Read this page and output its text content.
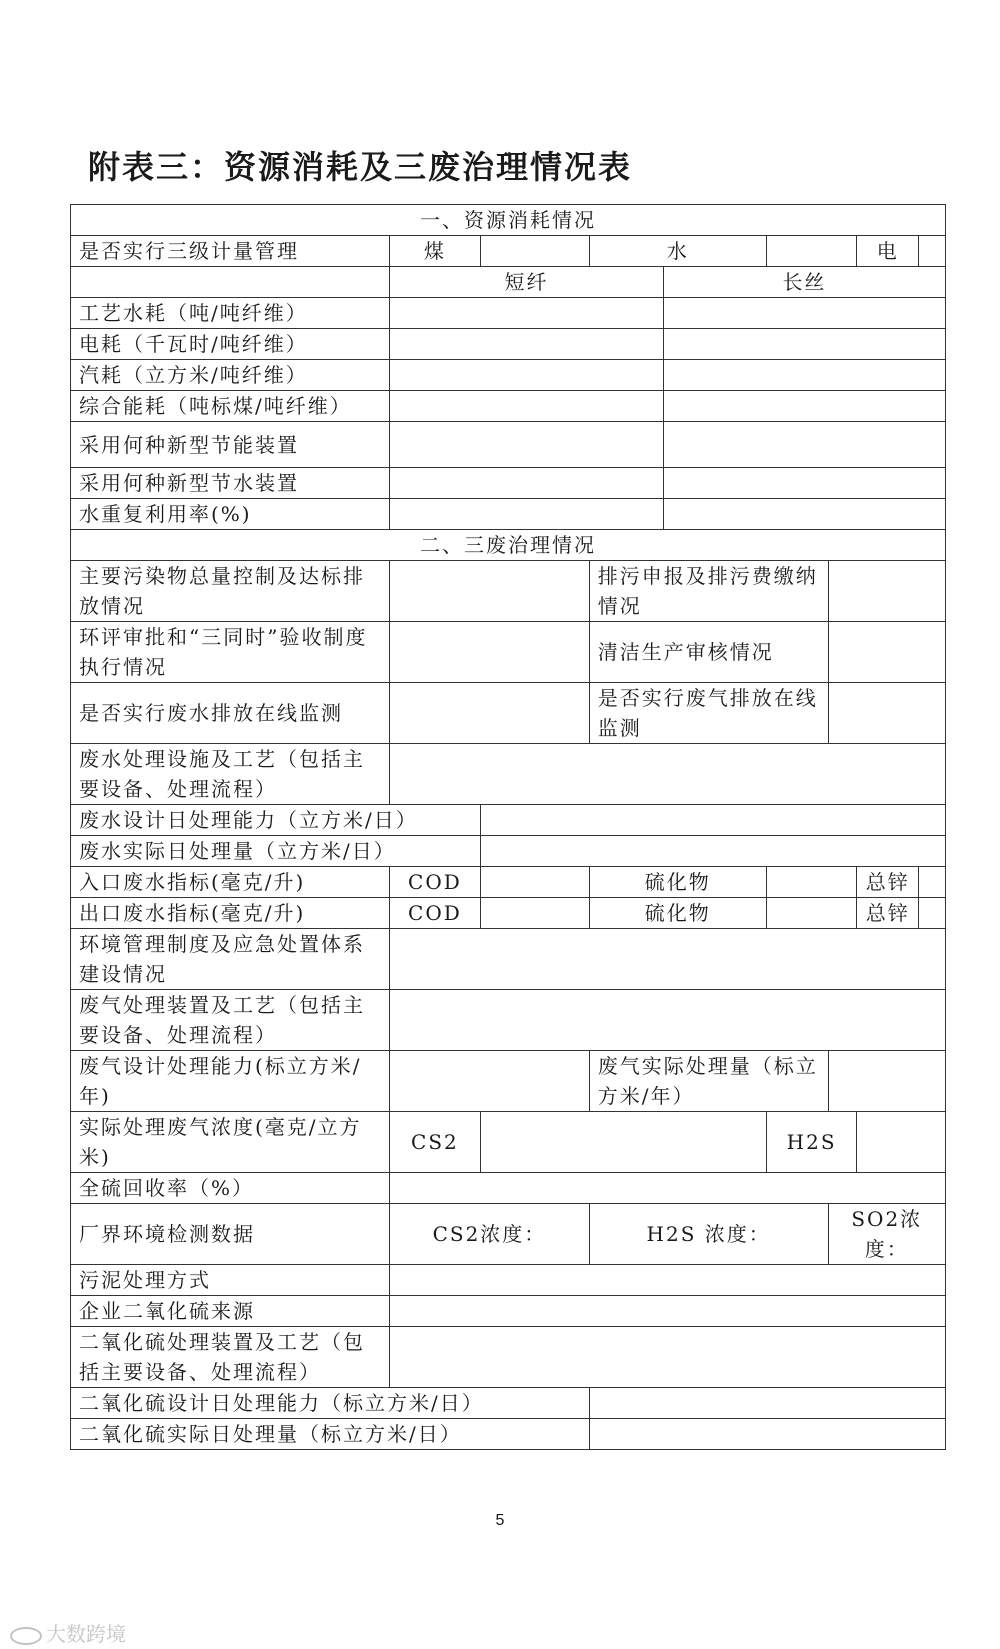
附表三：资源消耗及三废治理情况表
一、资源消耗情况								
是否实行三级计量管理	煤		水				电	
	短纤			长丝				
工艺水耗（吨/吨纤维）								
电耗（千瓦时/吨纤维）								
汽耗（立方米/吨纤维）								
综合能耗（吨标煤/吨纤维）								
采用何种新型节能装置								
采用何种新型节水装置								
水重复利用率(%)								
二、三废治理情况								
主要污染物总量控制及达标排放情况			排污申报及排污费缴纳情况					
环评审批和“三同时”验收制度执行情况			清洁生产审核情况					
是否实行废水排放在线监测			是否实行废气排放在线监测					
废水处理设施及工艺（包括主要设备、处理流程）								
废水设计日处理能力（立方米/日）								
废水实际日处理量（立方米/日）								
入口废水指标(毫克/升)	COD		硫化物				总锌	
出口废水指标(毫克/升)	COD		硫化物				总锌	
环境管理制度及应急处置体系建设情况								
废气处理装置及工艺（包括主要设备、处理流程）								
废气设计处理能力(标立方米/年)			废气实际处理量（标立方米/年）					
实际处理废气浓度(毫克/立方米)	CS2				H2S			
全硫回收率（%）								
厂界环境检测数据	CS2浓度：		H2S 浓度：			SO2浓度：		
污泥处理方式								
企业二氧化硫来源								
二氧化硫处理装置及工艺（包括主要设备、处理流程）								
二氧化硫设计日处理能力（标立方米/日）								
二氧化硫实际日处理量（标立方米/日）								
5
大数跨境
